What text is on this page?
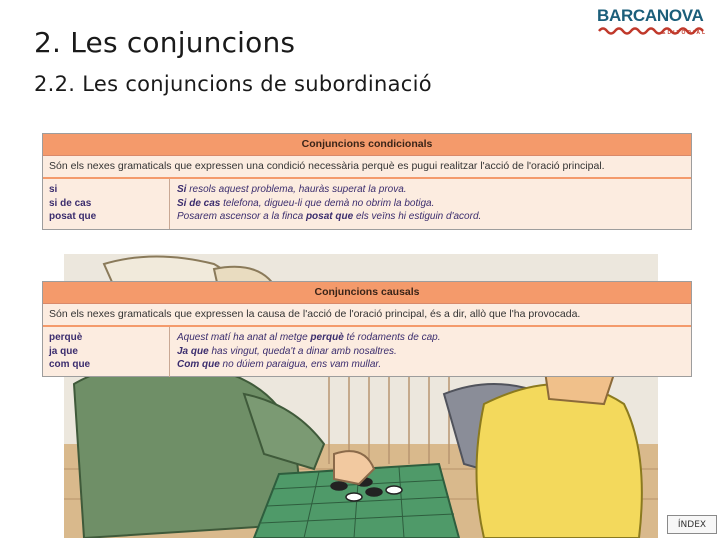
2. Les conjuncions
2.2. Les conjuncions de subordinació
BARCANOVA
EDITORIAL
Conjuncions condicionals
Són els nexes gramaticals que expressen una condició necessària perquè es pugui realitzar l'acció de l'oració principal.
si
si de cas
posat que
Si resols aquest problema, hauràs superat la prova.
Si de cas telefona, digueu-li que demà no obrim la botiga.
Posarem ascensor a la finca posat que els veïns hi estiguin d'acord.
Conjuncions causals
Són els nexes gramaticals que expressen la causa de l'acció de l'oració principal, és a dir, allò que l'ha provocada.
perquè
ja que
com que
Aquest matí ha anat al metge perquè té rodaments de cap.
Ja que has vingut, queda't a dinar amb nosaltres.
Com que no dúiem paraigua, ens vam mullar.
ÍNDEX
